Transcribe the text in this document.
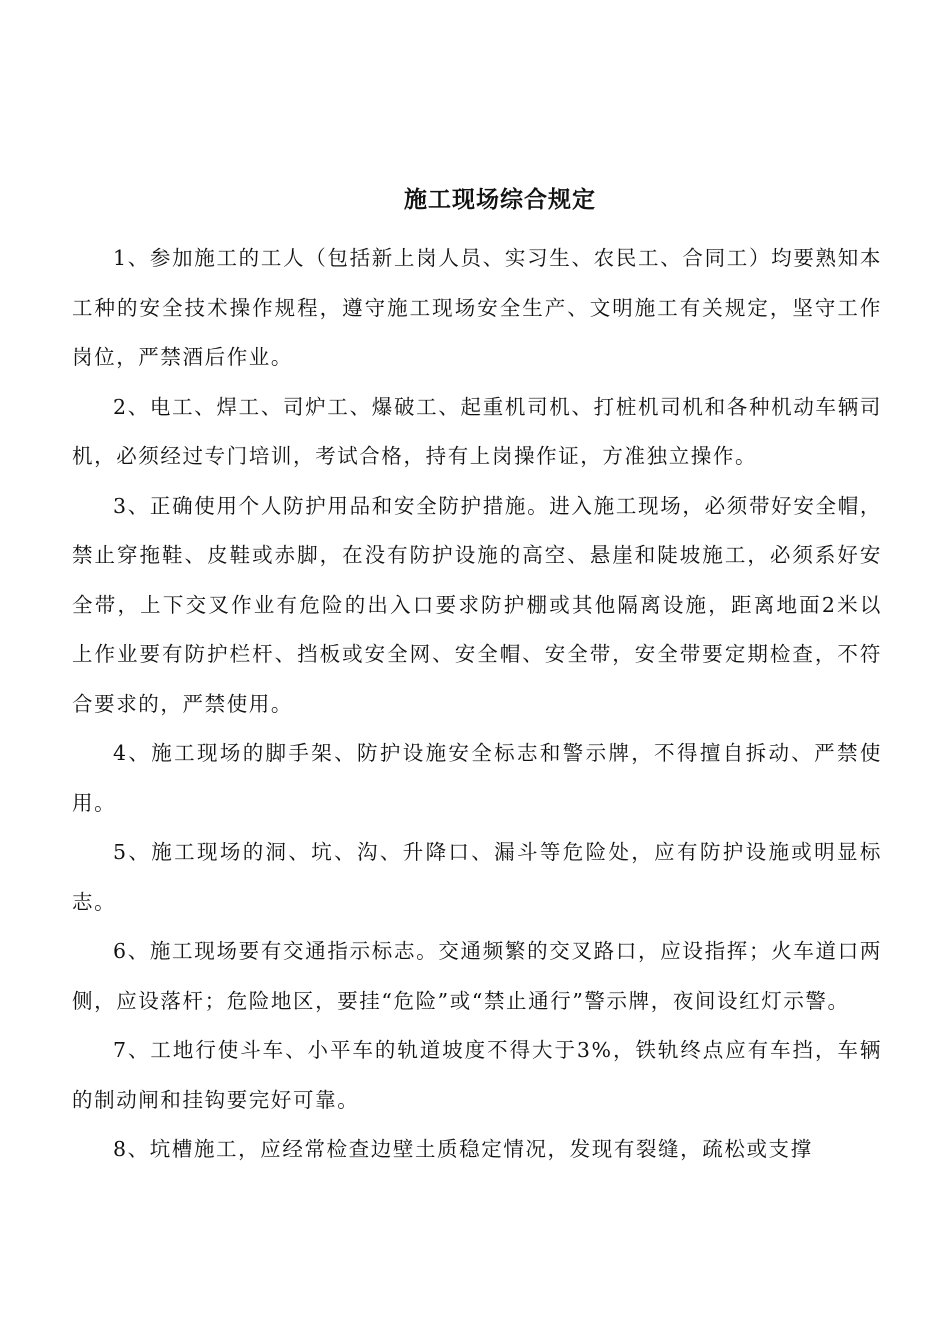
施工现场综合规定

1、参加施工的工人（包括新上岗人员、实习生、农民工、合同工）均要熟知本工种的安全技术操作规程，遵守施工现场安全生产、文明施工有关规定，坚守工作岗位，严禁酒后作业。

2、电工、焊工、司炉工、爆破工、起重机司机、打桩机司机和各种机动车辆司机，必须经过专门培训，考试合格，持有上岗操作证，方准独立操作。

3、正确使用个人防护用品和安全防护措施。进入施工现场，必须带好安全帽，禁止穿拖鞋、皮鞋或赤脚，在没有防护设施的高空、悬崖和陡坡施工，必须系好安全带，上下交叉作业有危险的出入口要求防护棚或其他隔离设施，距离地面2米以上作业要有防护栏杆、挡板或安全网、安全帽、安全带，安全带要定期检查，不符合要求的，严禁使用。

4、施工现场的脚手架、防护设施安全标志和警示牌，不得擅自拆动、严禁使用。

5、施工现场的洞、坑、沟、升降口、漏斗等危险处，应有防护设施或明显标志。

6、施工现场要有交通指示标志。交通频繁的交叉路口，应设指挥；火车道口两侧，应设落杆；危险地区，要挂“危险”或“禁止通行”警示牌，夜间设红灯示警。

7、工地行使斗车、小平车的轨道坡度不得大于3%，铁轨终点应有车挡，车辆的制动闸和挂钩要完好可靠。

8、坑槽施工，应经常检查边壁土质稳定情况，发现有裂缝，疏松或支撑
